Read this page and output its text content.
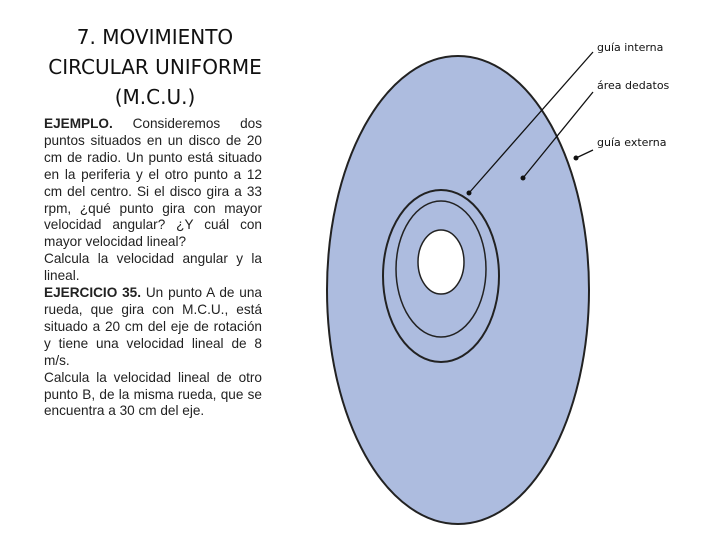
7. MOVIMIENTO
CIRCULAR UNIFORME
(M.C.U.)

EJEMPLO. Consideremos dos puntos situados en un disco de 20 cm de radio. Un punto está situado en la periferia y el otro punto a 12 cm del centro. Si el disco gira a 33 rpm, ¿qué punto gira con mayor velocidad angular? ¿Y cuál con mayor velocidad lineal?

Calcula la velocidad angular y la lineal.

EJERCICIO 35. Un punto A de una rueda, que gira con M.C.U., está situado a 20 cm del eje de rotación y tiene una velocidad lineal de 8 m/s.

Calcula la velocidad lineal de otro punto B, de la misma rueda, que se encuentra a 30 cm del eje.

guía interna
área dedatos
guía externa
